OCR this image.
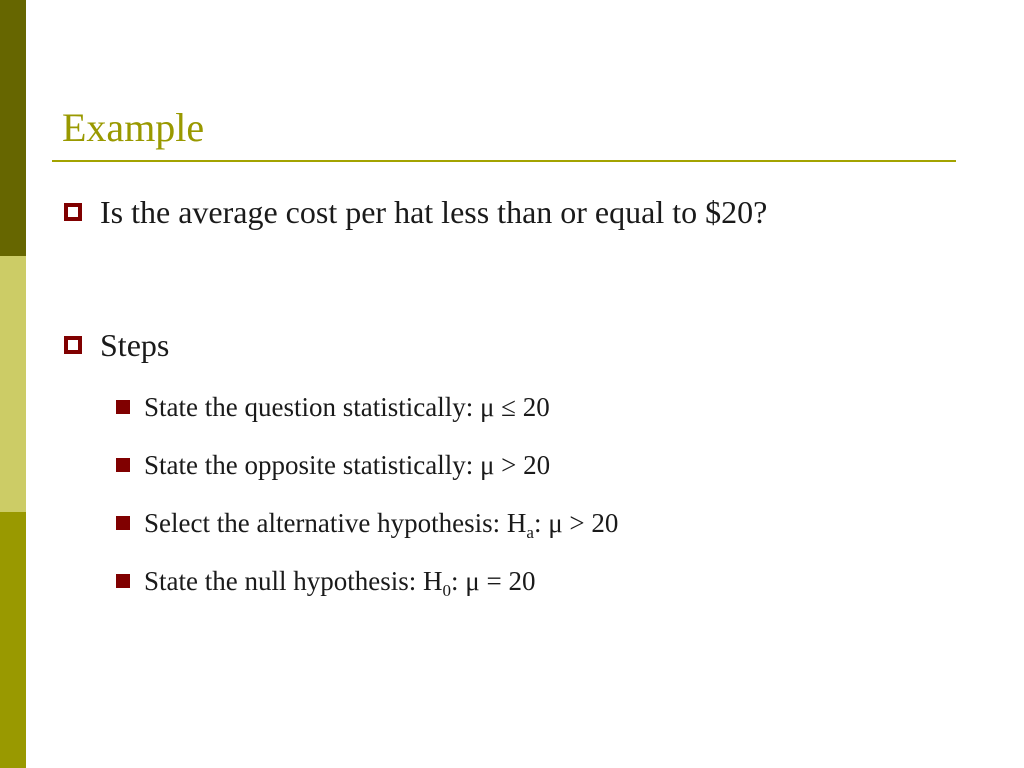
Example
Is the average cost per hat less than or equal to $20?
Steps
State the question statistically: μ ≤ 20
State the opposite statistically: μ > 20
Select the alternative hypothesis: $H_a$: μ > 20
State the null hypothesis: $H_0$: μ = 20
